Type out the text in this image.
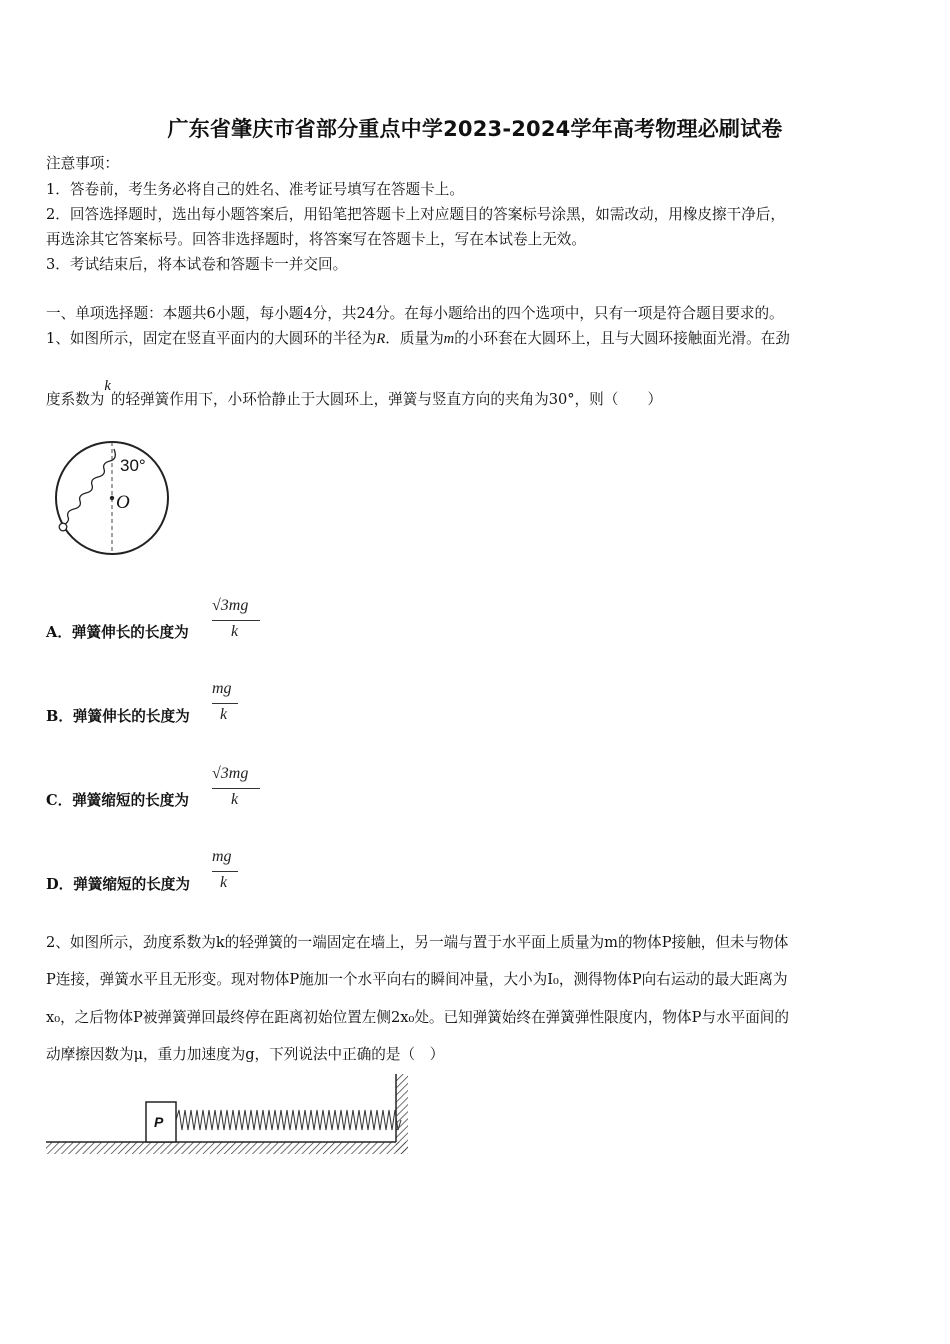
广东省肇庆市省部分重点中学2023-2024学年高考物理必刷试卷
注意事项：
1．答卷前，考生务必将自己的姓名、准考证号填写在答题卡上。
2．回答选择题时，选出每小题答案后，用铅笔把答题卡上对应题目的答案标号涂黑，如需改动，用橡皮擦干净后，
再选涂其它答案标号。回答非选择题时，将答案写在答题卡上，写在本试卷上无效。
3．考试结束后，将本试卷和答题卡一并交回。
一、单项选择题：本题共6小题，每小题4分，共24分。在每小题给出的四个选项中，只有一项是符合题目要求的。
1、如图所示，固定在竖直平面内的大圆环的半径为R．质量为m的小环套在大圆环上，且与大圆环接触面光滑。在劲
度系数为k的轻弹簧作用下，小环恰静止于大圆环上，弹簧与竖直方向的夹角为30°，则（　　）
30°
O
A．弹簧伸长的长度为
√3mg
k
B．弹簧伸长的长度为
mg
k
C．弹簧缩短的长度为
√3mg
k
D．弹簧缩短的长度为
mg
k
2、如图所示，劲度系数为k的轻弹簧的一端固定在墙上，另一端与置于水平面上质量为m的物体P接触，但未与物体
P连接，弹簧水平且无形变。现对物体P施加一个水平向右的瞬间冲量，大小为I₀，测得物体P向右运动的最大距离为
x₀，之后物体P被弹簧弹回最终停在距离初始位置左侧2x₀处。已知弹簧始终在弹簧弹性限度内，物体P与水平面间的
动摩擦因数为μ，重力加速度为g，下列说法中正确的是（　）
P
